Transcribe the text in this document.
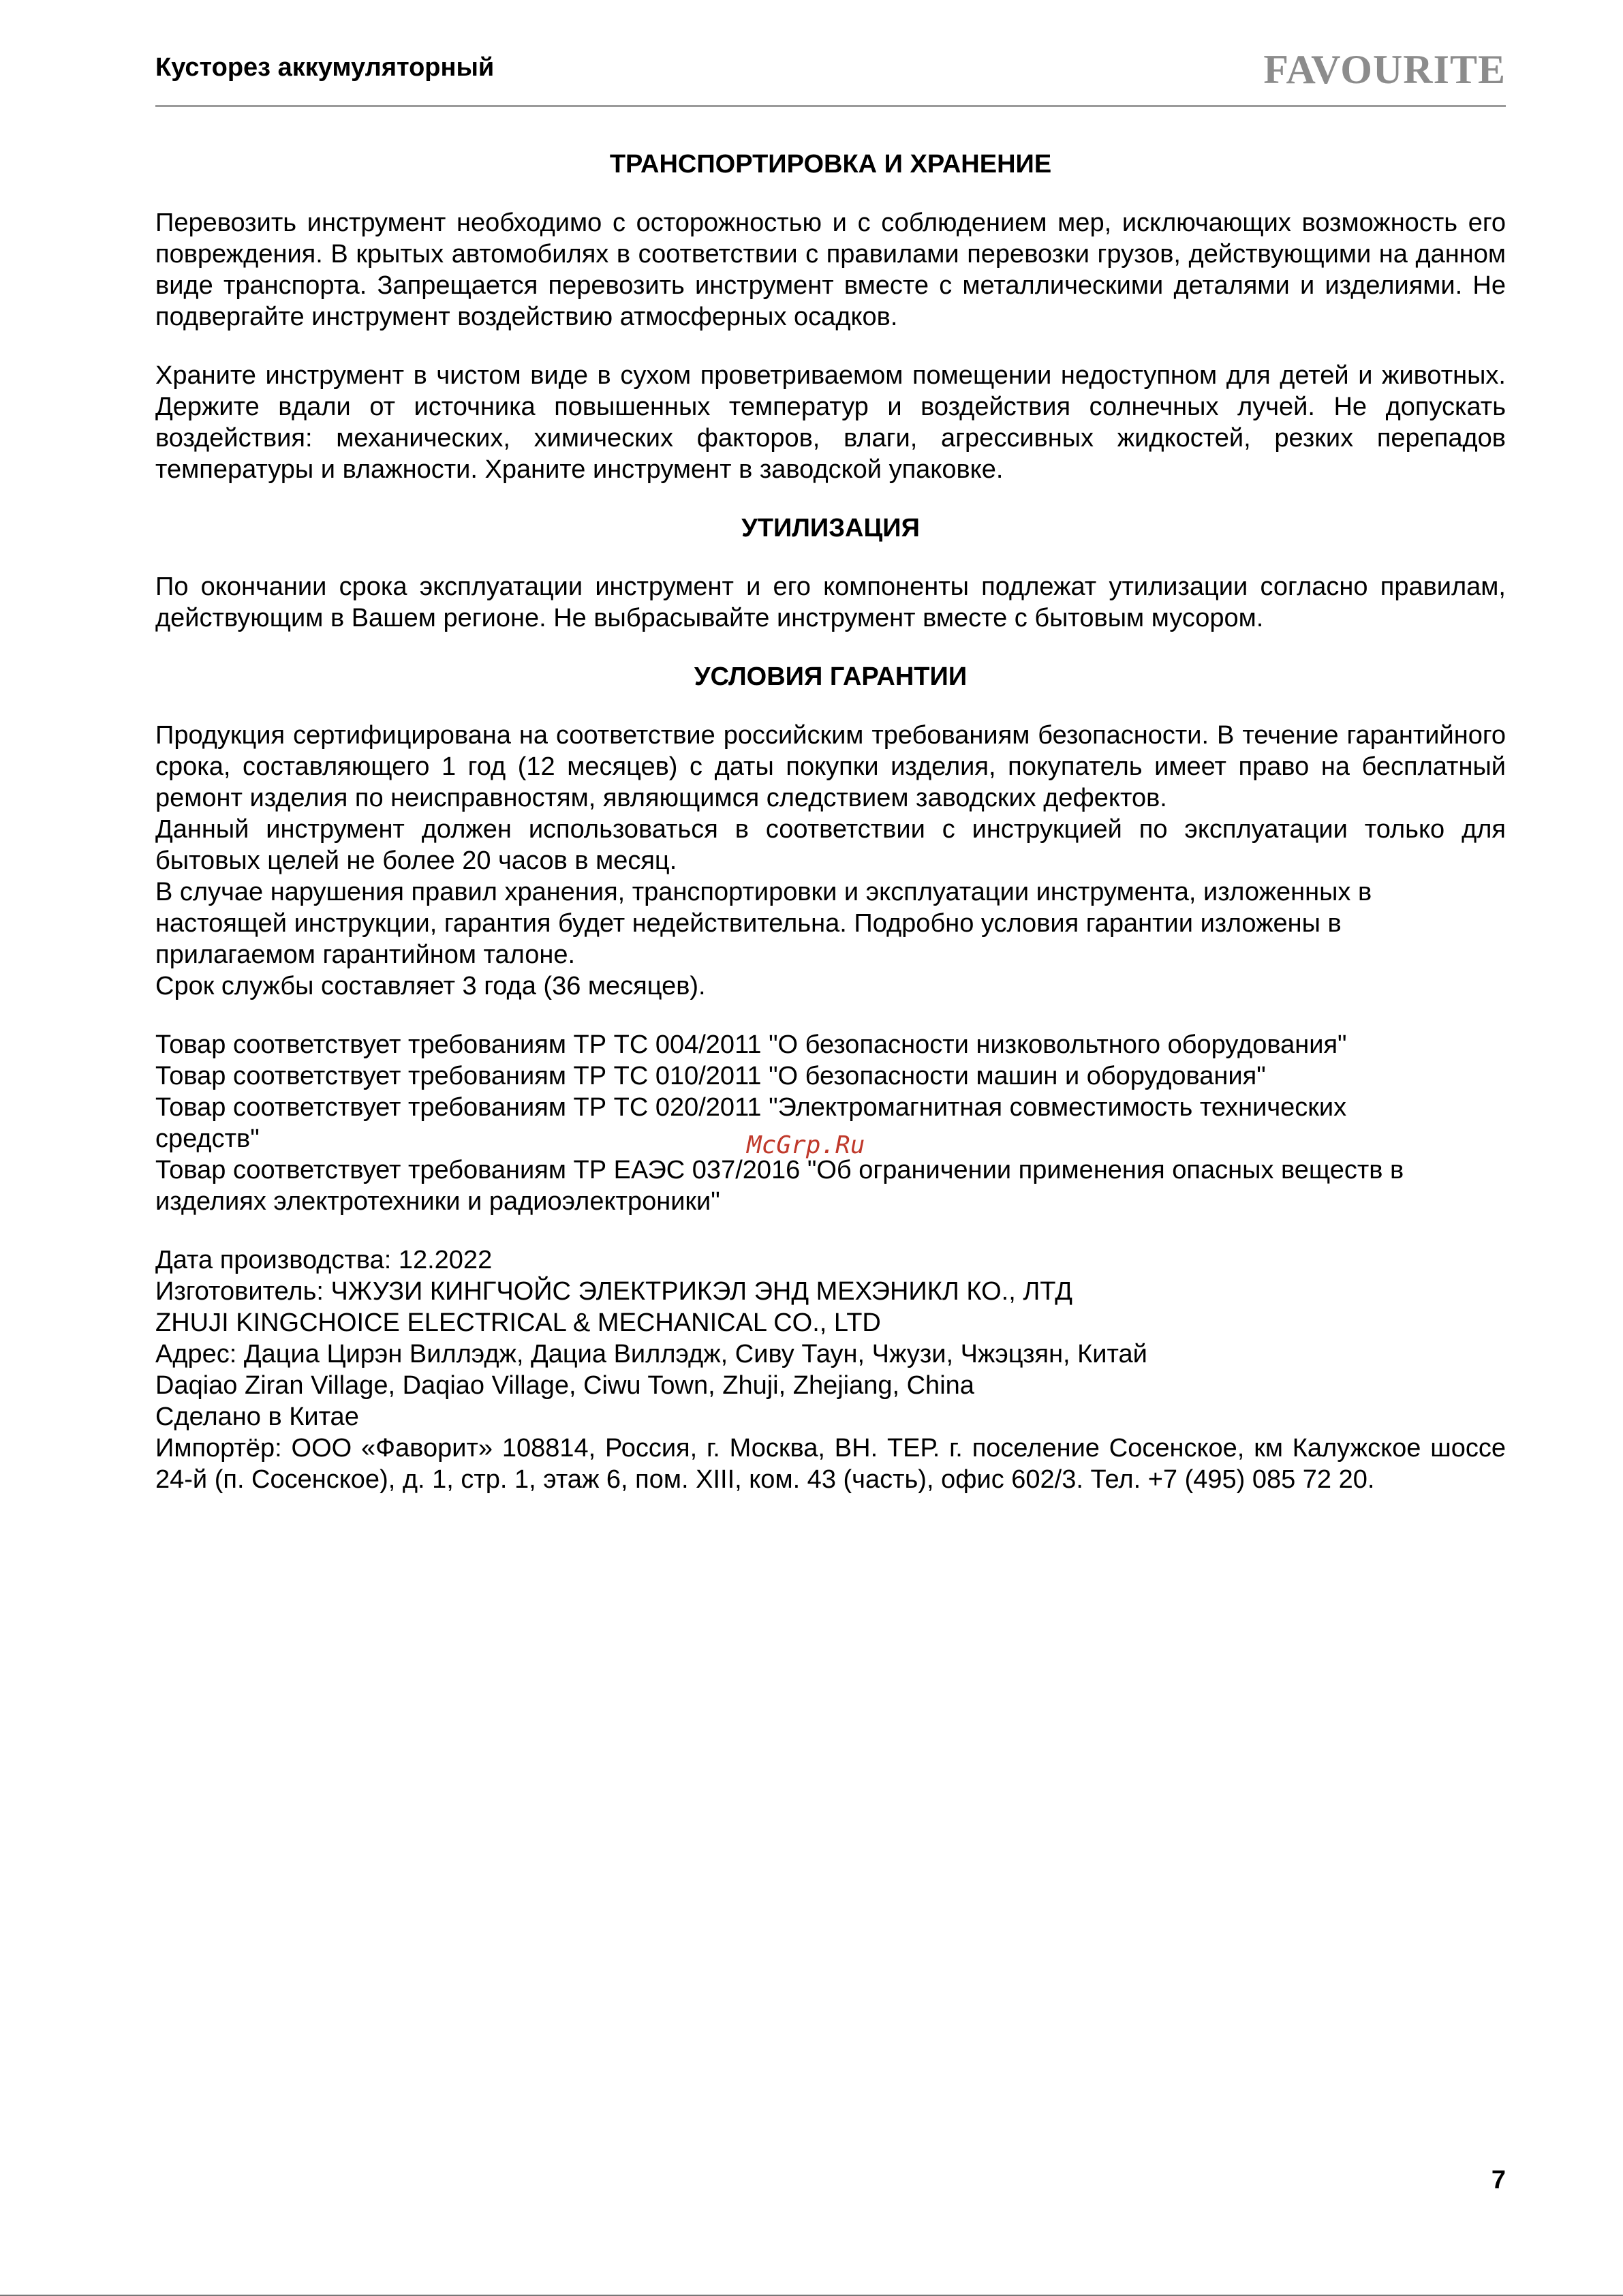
Кусторез аккумуляторный	FAVOURITE
ТРАНСПОРТИРОВКА И ХРАНЕНИЕ

Перевозить инструмент необходимо с осторожностью и с соблюдением мер, исключающих возможность его повреждения. В крытых автомобилях в соответствии с правилами перевозки грузов, действующими на данном виде транспорта. Запрещается перевозить инструмент вместе с металлическими деталями и изделиями. Не подвергайте инструмент воздействию атмосферных осадков.

Храните инструмент в чистом виде в сухом проветриваемом помещении недоступном для детей и животных. Держите вдали от источника повышенных температур и воздействия солнечных лучей. Не допускать воздействия: механических, химических факторов, влаги, агрессивных жидкостей, резких перепадов температуры и влажности. Храните инструмент в заводской упаковке.

УТИЛИЗАЦИЯ

По окончании срока эксплуатации инструмент и его компоненты подлежат утилизации согласно правилам, действующим в Вашем регионе. Не выбрасывайте инструмент вместе с бытовым мусором.

УСЛОВИЯ ГАРАНТИИ
Продукция сертифицирована на соответствие российским требованиям безопасности. В течение гарантийного срока, составляющего 1 год (12 месяцев) с даты покупки изделия, покупатель имеет право на бесплатный ремонт изделия по неисправностям, являющимся следствием заводских дефектов.
Данный инструмент должен использоваться в соответствии с инструкцией по эксплуатации только для бытовых целей не более 20 часов в месяц.
В случае нарушения правил хранения, транспортировки и эксплуатации инструмента, изложенных в
настоящей инструкции, гарантия будет недействительна. Подробно условия гарантии изложены в
прилагаемом гарантийном талоне.
Срок службы составляет 3 года (36 месяцев).
Товар соответствует требованиям ТР ТС 004/2011 "О безопасности низковольтного оборудования"
Товар соответствует требованиям ТР ТС 010/2011 "О безопасности машин и оборудования"
Товар соответствует требованиям ТР ТС 020/2011 "Электромагнитная совместимость технических
средств"
Товар соответствует требованиям ТР ЕАЭС 037/2016 "Об ограничении применения опасных веществ в
изделиях электротехники и радиоэлектроники"
Дата производства: 12.2022
Изготовитель: ЧЖУЗИ КИНГЧОЙС ЭЛЕКТРИКЭЛ ЭНД МЕХЭНИКЛ КО., ЛТД
ZHUJI KINGCHOICE ELECTRICAL & MECHANICAL CO., LTD
Адрес: Дациа Цирэн Виллэдж, Дациа Виллэдж, Сиву Таун, Чжузи, Чжэцзян, Китай
Daqiao Ziran Village, Daqiao Village, Ciwu Town, Zhuji, Zhejiang, China
Сделано в Китае
Импортёр: ООО «Фаворит» 108814, Россия, г. Москва, ВН. ТЕР. г. поселение Сосенское, км Калужское шоссе 24-й (п. Сосенское), д. 1, стр. 1, этаж 6, пом. XIII, ком. 43 (часть), офис 602/3. Тел. +7 (495) 085 72 20.
McGrp.Ru
7
